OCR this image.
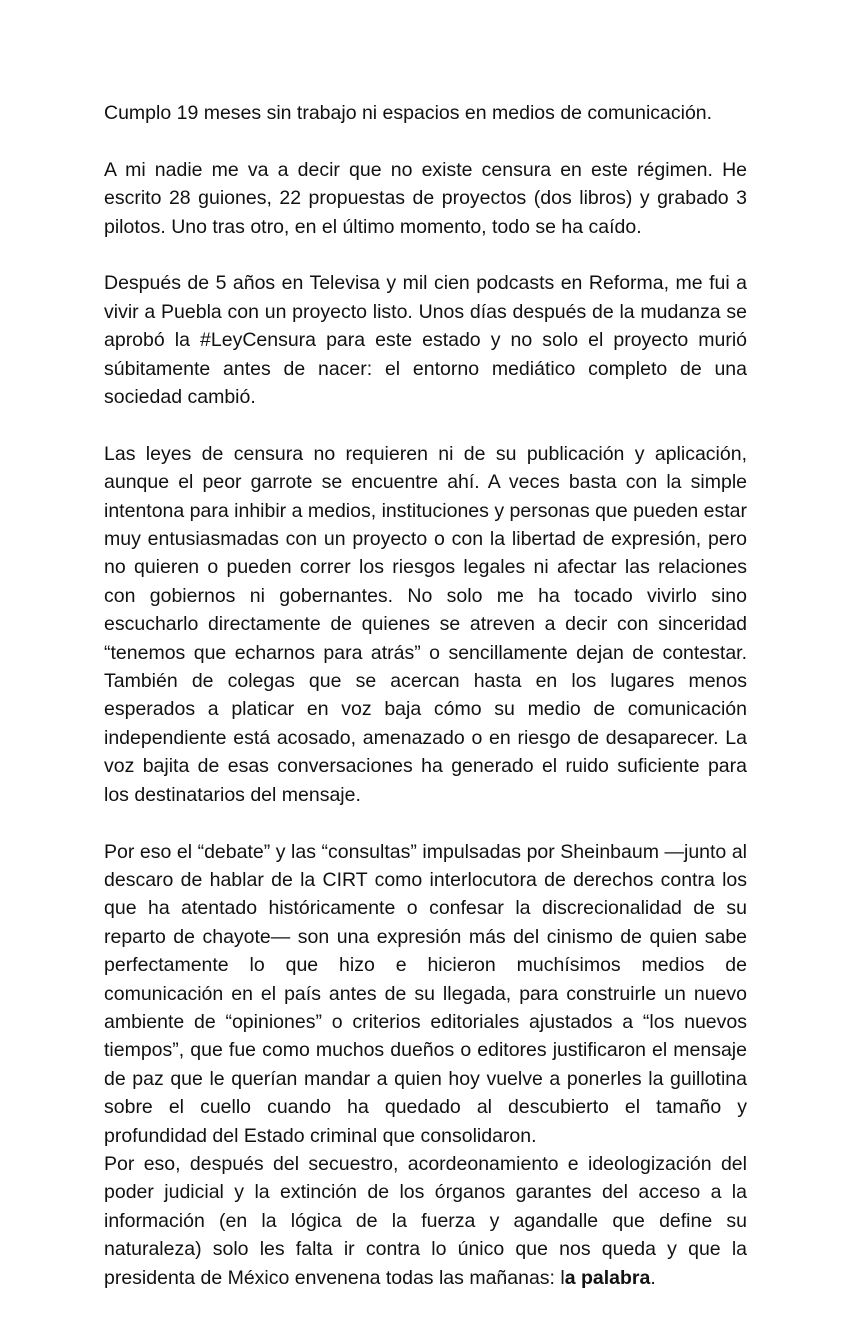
Cumplo 19 meses sin trabajo ni espacios en medios de comunicación.

A mi nadie me va a decir que no existe censura en este régimen. He escrito 28 guiones, 22 propuestas de proyectos (dos libros) y grabado 3 pilotos. Uno tras otro, en el último momento, todo se ha caído.

Después de 5 años en Televisa y mil cien podcasts en Reforma, me fui a vivir a Puebla con un proyecto listo. Unos días después de la mudanza se aprobó la #LeyCensura para este estado y no solo el proyecto murió súbitamente antes de nacer: el entorno mediático completo de una sociedad cambió.

Las leyes de censura no requieren ni de su publicación y aplicación, aunque el peor garrote se encuentre ahí. A veces basta con la simple intentona para inhibir a medios, instituciones y personas que pueden estar muy entusiasmadas con un proyecto o con la libertad de expresión, pero no quieren o pueden correr los riesgos legales ni afectar las relaciones con gobiernos ni gobernantes. No solo me ha tocado vivirlo sino escucharlo directamente de quienes se atreven a decir con sinceridad “tenemos que echarnos para atrás” o sencillamente dejan de contestar. También de colegas que se acercan hasta en los lugares menos esperados a platicar en voz baja cómo su medio de comunicación independiente está acosado, amenazado o en riesgo de desaparecer. La voz bajita de esas conversaciones ha generado el ruido suficiente para los destinatarios del mensaje.

Por eso el “debate” y las “consultas” impulsadas por Sheinbaum —junto al descaro de hablar de la CIRT como interlocutora de derechos contra los que ha atentado históricamente o confesar la discrecionalidad de su reparto de chayote— son una expresión más del cinismo de quien sabe perfectamente lo que hizo e hicieron muchísimos medios de comunicación en el país antes de su llegada, para construirle un nuevo ambiente de “opiniones” o criterios editoriales ajustados a “los nuevos tiempos”, que fue como muchos dueños o editores justificaron el mensaje de paz que le querían mandar a quien hoy vuelve a ponerles la guillotina sobre el cuello cuando ha quedado al descubierto el tamaño y profundidad del Estado criminal que consolidaron.

Por eso, después del secuestro, acordeonamiento e ideologización del poder judicial y la extinción de los órganos garantes del acceso a la información (en la lógica de la fuerza y agandalle que define su naturaleza) solo les falta ir contra lo único que nos queda y que la presidenta de México envenena todas las mañanas: la palabra.
